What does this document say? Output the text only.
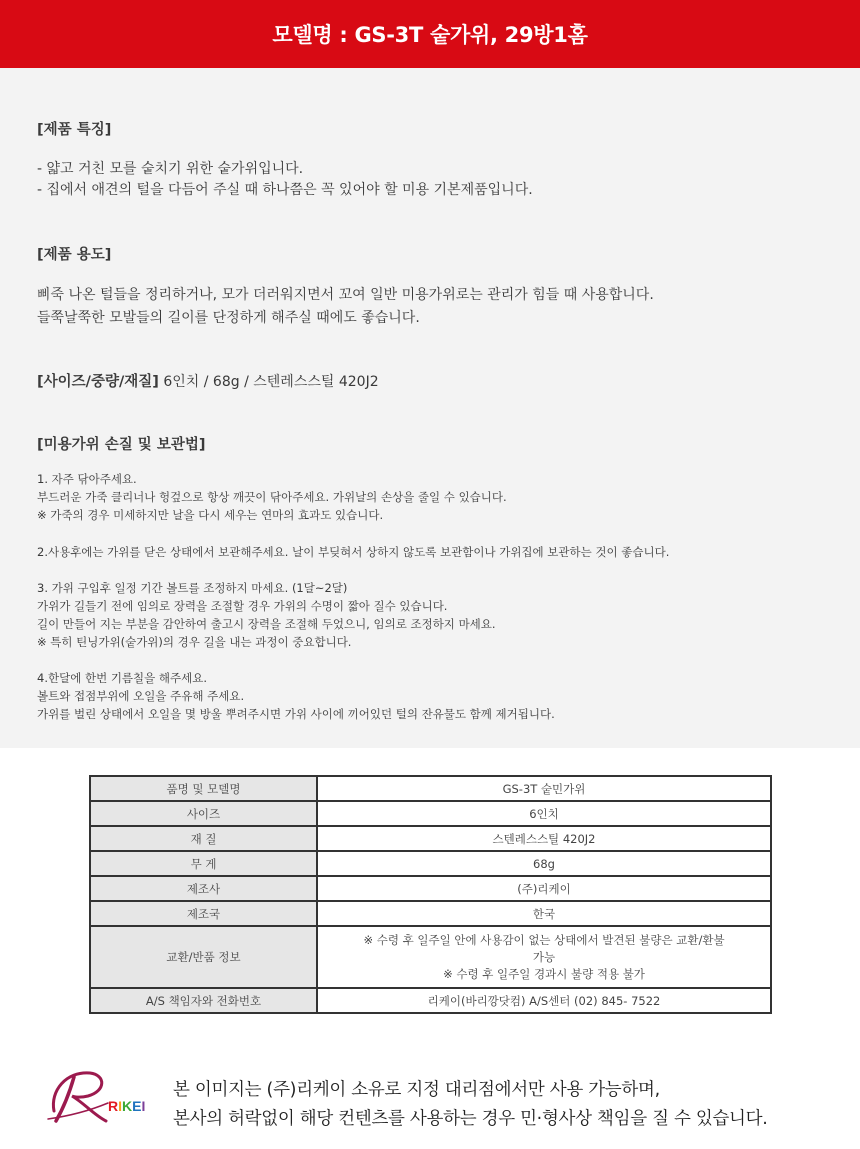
모델명 : GS-3T 숱가위, 29방1홈
[제품 특징]
- 얇고 거친 모를 숱치기 위한 숱가위입니다.
- 집에서 애견의 털을 다듬어 주실 때 하나쯤은 꼭 있어야 할 미용 기본제품입니다.
[제품 용도]
삐죽 나온 털들을 정리하거나, 모가 더러워지면서 꼬여 일반 미용가위로는 관리가 힘들 때 사용합니다.
들쭉날쭉한 모발들의 길이를 단정하게 해주실 때에도 좋습니다.
[사이즈/중량/재질] 6인치 / 68g / 스텐레스스틸 420J2
[미용가위 손질 및 보관법]
1. 자주 닦아주세요.
부드러운 가죽 클리너나 헝겊으로 항상 깨끗이 닦아주세요. 가위날의 손상을 줄일 수 있습니다.
※ 가죽의 경우 미세하지만 날을 다시 세우는 연마의 효과도 있습니다.
2.사용후에는 가위를 닫은 상태에서 보관해주세요. 날이 부딪혀서 상하지 않도록 보관함이나 가위집에 보관하는 것이 좋습니다.
3. 가위 구입후 일정 기간 볼트를 조정하지 마세요. (1달~2달)
가위가 길들기 전에 임의로 장력을 조절할 경우 가위의 수명이 짧아 질수 있습니다.
길이 만들어 지는 부분을 감안하여 출고시 장력을 조절해 두었으니, 임의로 조정하지 마세요.
※ 특히 틴닝가위(숱가위)의 경우 길을 내는 과정이 중요합니다.
4.한달에 한번 기름칠을 해주세요.
볼트와 접점부위에 오일을 주유해 주세요.
가위를 벌린 상태에서 오일을 몇 방울 뿌려주시면 가위 사이에 끼어있던 털의 잔유물도 함께 제거됩니다.
품명 및 모델명	GS-3T 숱민가위
사이즈	6인치
재 질	스텐레스스틸 420J2
무 게	68g
제조사	(주)리케이
제조국	한국
교환/반품 정보	※ 수령 후 일주일 안에 사용감이 없는 상태에서 발견된 불량은 교환/환불
가능
※ 수령 후 일주일 경과시 불량 적용 불가

A/S 책임자와 전화번호	리케이(바리깡닷컴) A/S센터 (02) 845- 7522
RIKEI
본 이미지는 (주)리케이 소유로 지정 대리점에서만 사용 가능하며,
본사의 허락없이 해당 컨텐츠를 사용하는 경우 민·형사상 책임을 질 수 있습니다.
